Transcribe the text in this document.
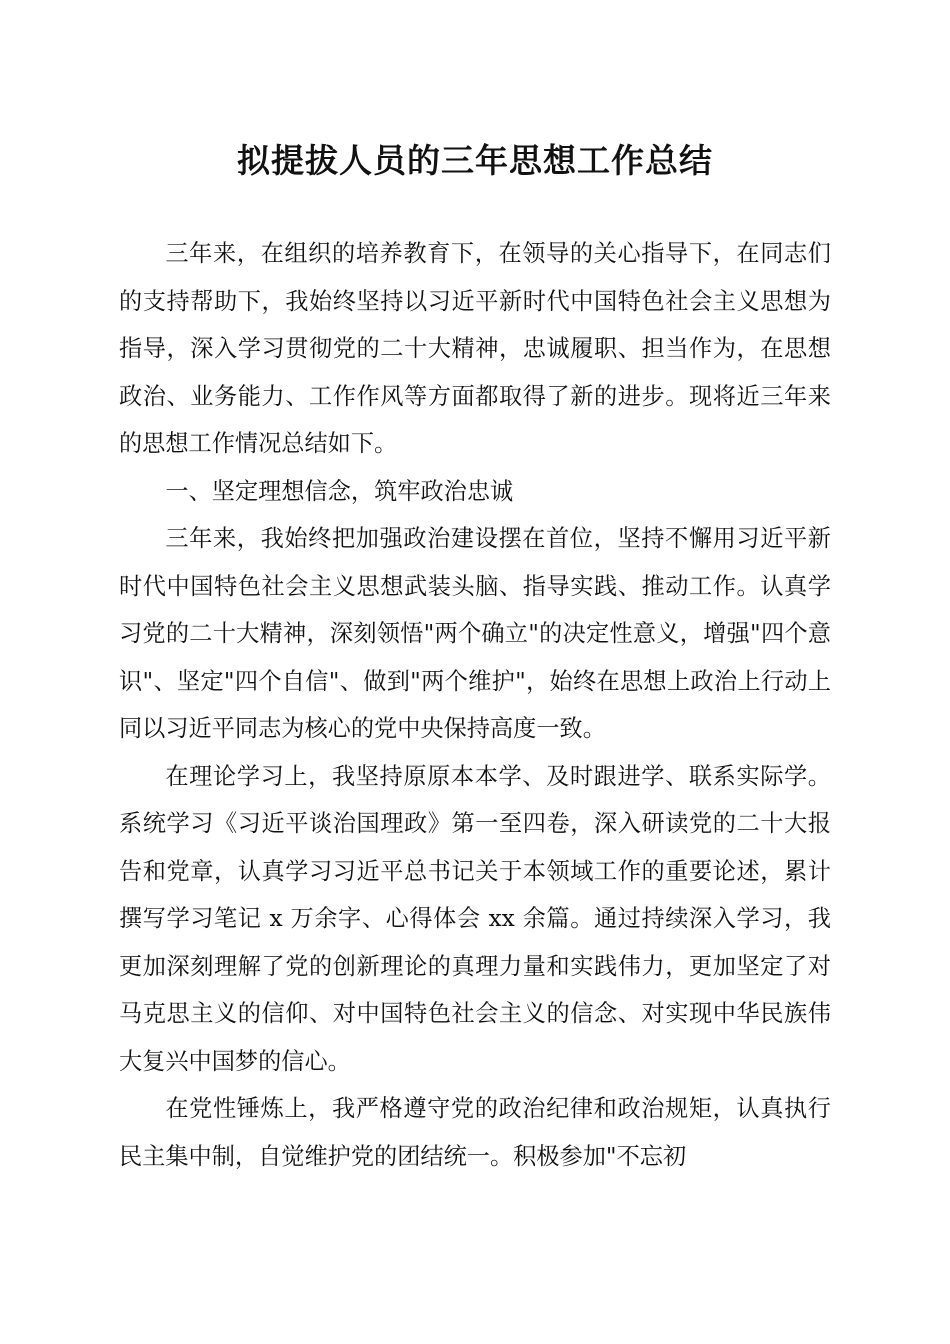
拟提拔人员的三年思想工作总结

三年来，在组织的培养教育下，在领导的关心指导下，在同志们的支持帮助下，我始终坚持以习近平新时代中国特色社会主义思想为指导，深入学习贯彻党的二十大精神，忠诚履职、担当作为，在思想政治、业务能力、工作作风等方面都取得了新的进步。现将近三年来的思想工作情况总结如下。

一、坚定理想信念，筑牢政治忠诚

三年来，我始终把加强政治建设摆在首位，坚持不懈用习近平新时代中国特色社会主义思想武装头脑、指导实践、推动工作。认真学习党的二十大精神，深刻领悟"两个确立"的决定性意义，增强"四个意识"、坚定"四个自信"、做到"两个维护"，始终在思想上政治上行动上同以习近平同志为核心的党中央保持高度一致。

在理论学习上，我坚持原原本本学、及时跟进学、联系实际学。系统学习《习近平谈治国理政》第一至四卷，深入研读党的二十大报告和党章，认真学习习近平总书记关于本领域工作的重要论述，累计撰写学习笔记 x 万余字、心得体会 xx 余篇。通过持续深入学习，我更加深刻理解了党的创新理论的真理力量和实践伟力，更加坚定了对马克思主义的信仰、对中国特色社会主义的信念、对实现中华民族伟大复兴中国梦的信心。

在党性锤炼上，我严格遵守党的政治纪律和政治规矩，认真执行民主集中制，自觉维护党的团结统一。积极参加"不忘初
